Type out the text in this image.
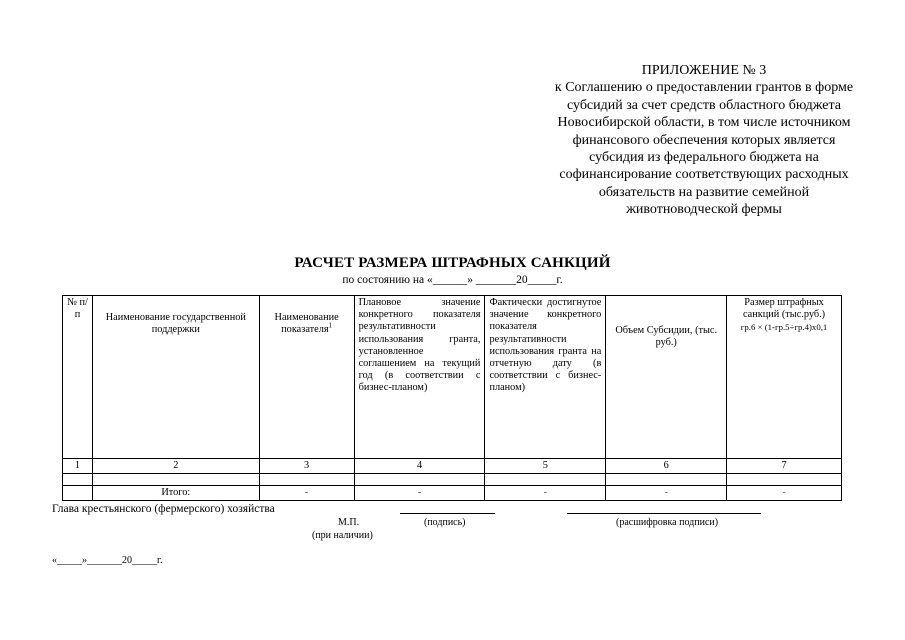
ПРИЛОЖЕНИЕ № 3
к Соглашению о предоставлении грантов в форме
субсидий за счет средств областного бюджета
Новосибирской области, в том числе источником
финансового обеспечения которых является
субсидия из федерального бюджета на
софинансирование соответствующих расходных
обязательств на развитие семейной
животноводческой фермы
РАСЧЕТ РАЗМЕРА ШТРАФНЫХ САНКЦИЙ
по состоянию на «______» _______20_____г.
№ п/п	Наименование государственной поддержки	Наименование показателя$^1$	Плановое значение конкретного показателя результативности использования гранта, установленное соглашением на текущий год (в соответствии с бизнес-планом)	Фактически достигнутое значение конкретного показателя результативности использования гранта на отчетную дату (в соответствии с бизнес-планом)	Объем Субсидии, (тыс. руб.)	Размер штрафных санкций (тыс.руб.)
гр.6 × (1-гр.5÷гр.4)х0,1

1	2	3	4	5	6	7

	Итого:	-	-	-	-	-
Глава крестьянского (фермерского) хозяйства
М.П.	(подпись)	(расшифровка подписи)
(при наличии)
«_____»_______20_____г.
